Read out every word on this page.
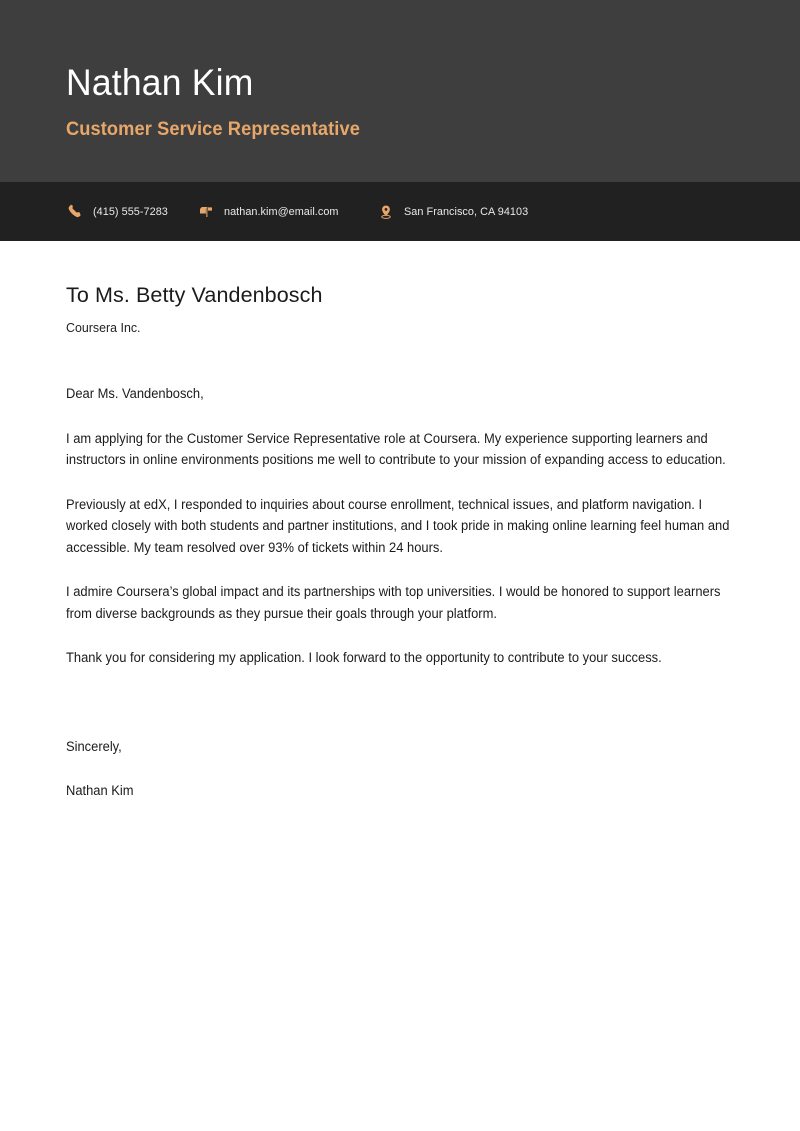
Nathan Kim
Customer Service Representative
(415) 555-7283	nathan.kim@email.com	San Francisco, CA 94103
To Ms. Betty Vandenbosch
Coursera Inc.
Dear Ms. Vandenbosch,

I am applying for the Customer Service Representative role at Coursera. My experience supporting learners and instructors in online environments positions me well to contribute to your mission of expanding access to education.

Previously at edX, I responded to inquiries about course enrollment, technical issues, and platform navigation. I worked closely with both students and partner institutions, and I took pride in making online learning feel human and accessible. My team resolved over 93% of tickets within 24 hours.

I admire Coursera’s global impact and its partnerships with top universities. I would be honored to support learners from diverse backgrounds as they pursue their goals through your platform.

Thank you for considering my application. I look forward to the opportunity to contribute to your success.

Sincerely,
Nathan Kim
